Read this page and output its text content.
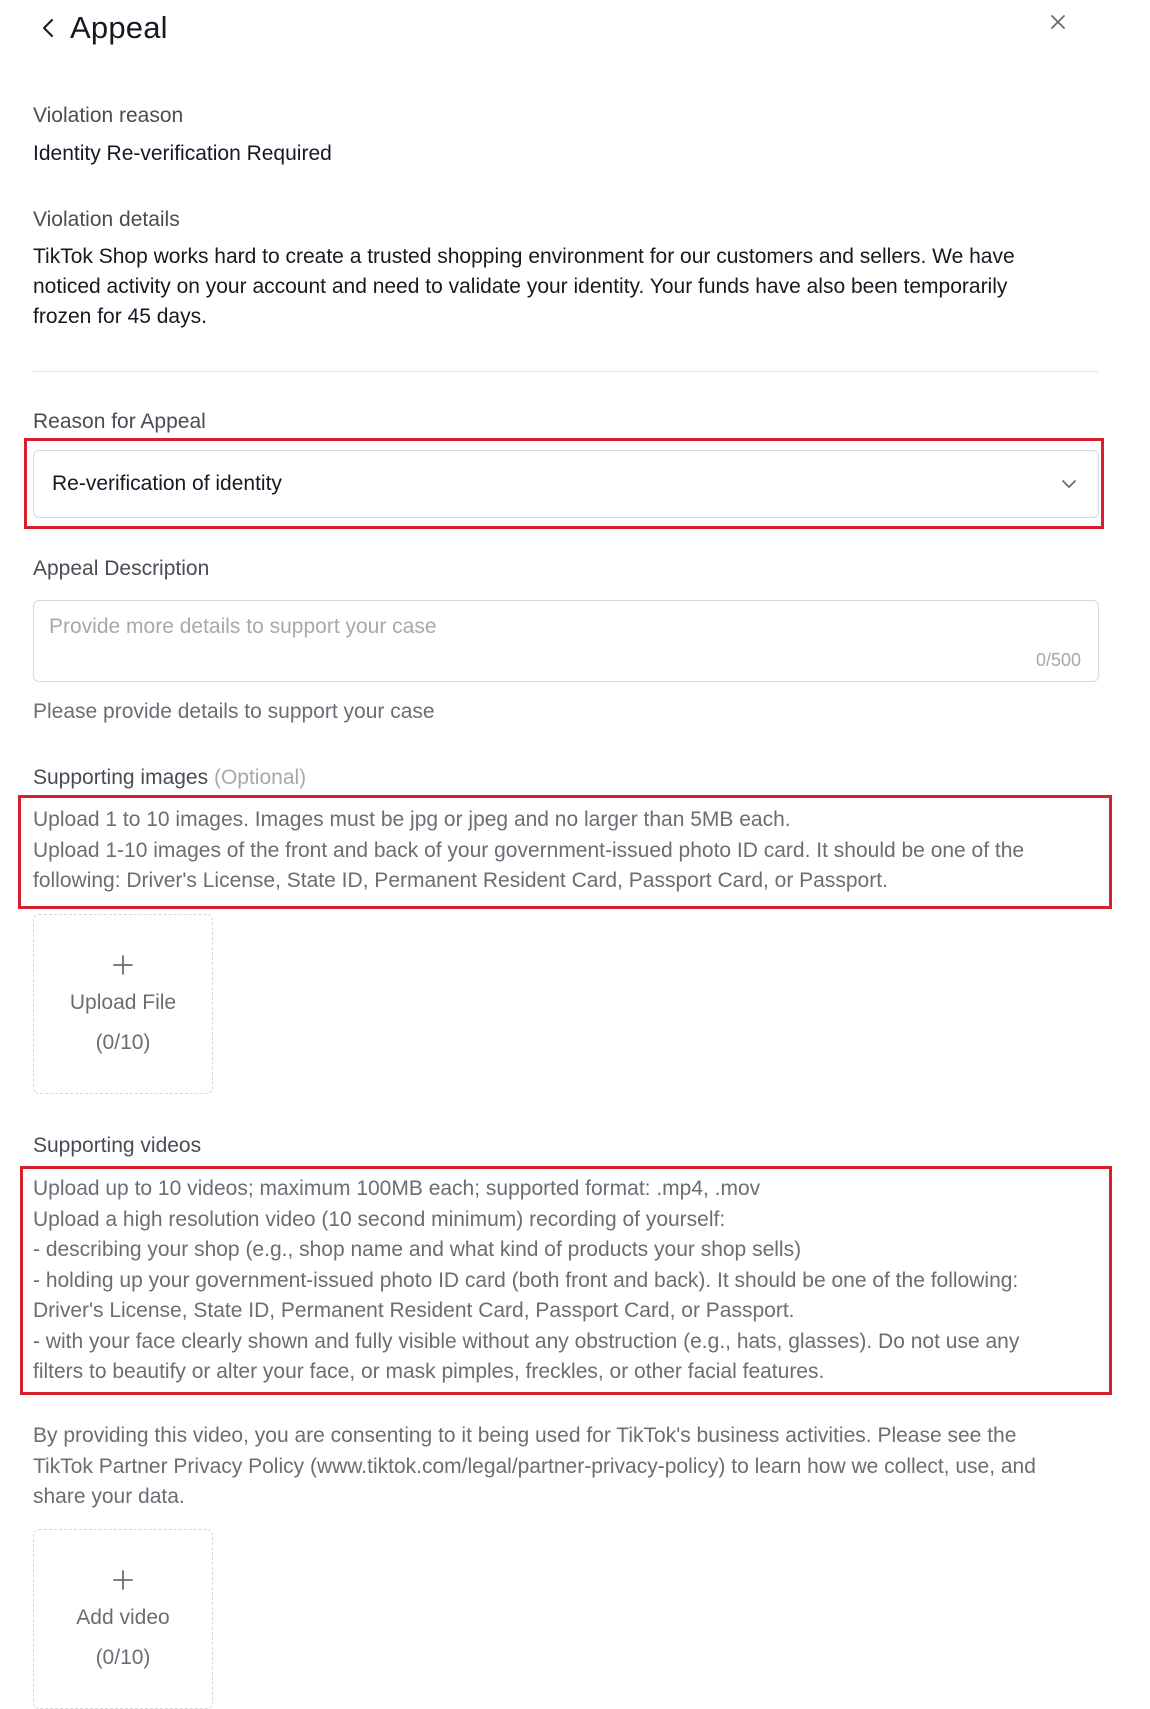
Appeal
Violation reason
Identity Re-verification Required
Violation details
TikTok Shop works hard to create a trusted shopping environment for our customers and sellers. We have
noticed activity on your account and need to validate your identity. Your funds have also been temporarily
frozen for 45 days.
Reason for Appeal
Re-verification of identity
Appeal Description
Provide more details to support your case
0/500
Please provide details to support your case
Supporting images (Optional)
Upload 1 to 10 images. Images must be jpg or jpeg and no larger than 5MB each.
Upload 1-10 images of the front and back of your government-issued photo ID card. It should be one of the
following: Driver's License, State ID, Permanent Resident Card, Passport Card, or Passport.
Upload File
(0/10)
Supporting videos
Upload up to 10 videos; maximum 100MB each; supported format: .mp4, .mov
Upload a high resolution video (10 second minimum) recording of yourself:
- describing your shop (e.g., shop name and what kind of products your shop sells)
- holding up your government-issued photo ID card (both front and back). It should be one of the following:
Driver's License, State ID, Permanent Resident Card, Passport Card, or Passport.
- with your face clearly shown and fully visible without any obstruction (e.g., hats, glasses). Do not use any
filters to beautify or alter your face, or mask pimples, freckles, or other facial features.
By providing this video, you are consenting to it being used for TikTok's business activities. Please see the
TikTok Partner Privacy Policy (www.tiktok.com/legal/partner-privacy-policy) to learn how we collect, use, and
share your data.
Add video
(0/10)
